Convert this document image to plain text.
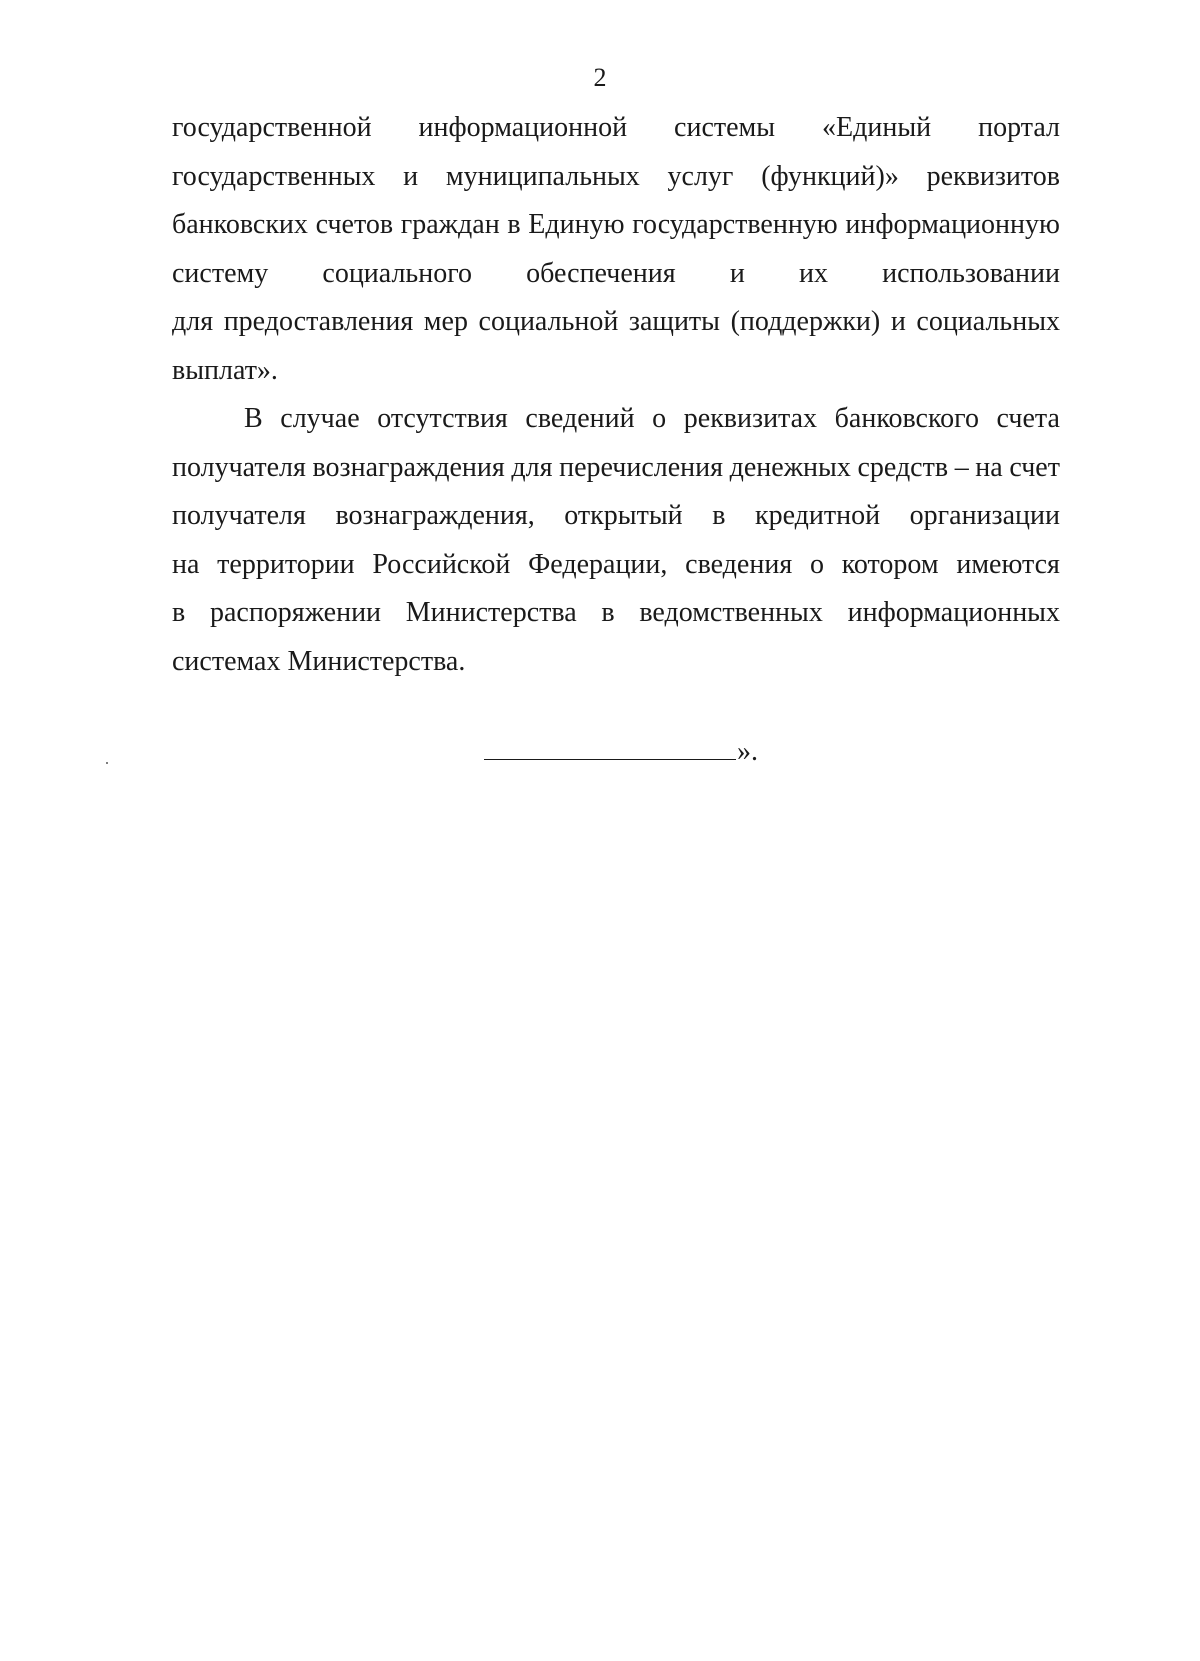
2
государственной информационной системы «Единый портал
государственных и муниципальных услуг (функций)» реквизитов
банковских счетов граждан в Единую государственную информационную
систему социального обеспечения и их использовании
для предоставления мер социальной защиты (поддержки) и социальных
выплат».
В случае отсутствия сведений о реквизитах банковского счета
получателя вознаграждения для перечисления денежных средств – на счет
получателя вознаграждения, открытый в кредитной организации
на территории Российской Федерации, сведения о котором имеются
в распоряжении Министерства в ведомственных информационных
системах Министерства.
».
